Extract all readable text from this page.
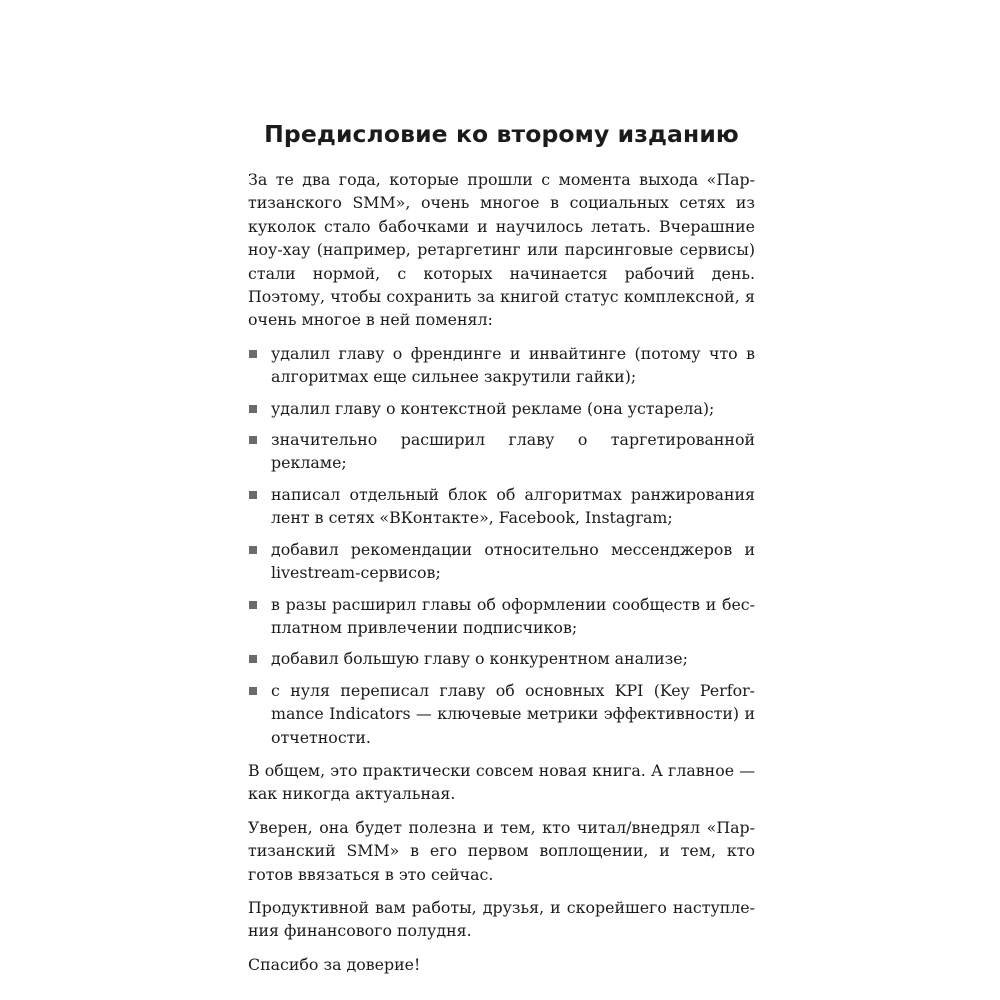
Предисловие ко второму изданию

За те два года, которые прошли с момента выхода «Партизанского SMM», очень многое в социальных сетях из куколок стало бабочками и научилось летать. Вчерашние ноу-хау (например, ретаргетинг или парсинговые сервисы) стали нормой, с которых начинается рабочий день. Поэтому, чтобы сохранить за книгой статус комплексной, я очень многое в ней поменял:

удалил главу о френдинге и инвайтинге (потому что в алгоритмах еще сильнее закрутили гайки);
удалил главу о контекстной рекламе (она устарела);
значительно расширил главу о таргетированной рекламе;
написал отдельный блок об алгоритмах ранжирования лент в сетях «ВКонтакте», Facebook, Instagram;
добавил рекомендации относительно мессенджеров и livestream-сервисов;
в разы расширил главы об оформлении сообществ и бесплатном привлечении подписчиков;
добавил большую главу о конкурентном анализе;
с нуля переписал главу об основных KPI (Key Performance Indicators — ключевые метрики эффективности) и отчетности.

В общем, это практически совсем новая книга. А главное — как никогда актуальная.

Уверен, она будет полезна и тем, кто читал/внедрял «Партизанский SMM» в его первом воплощении, и тем, кто готов ввязаться в это сейчас.

Продуктивной вам работы, друзья, и скорейшего наступления финансового полудня.

Спасибо за доверие!
